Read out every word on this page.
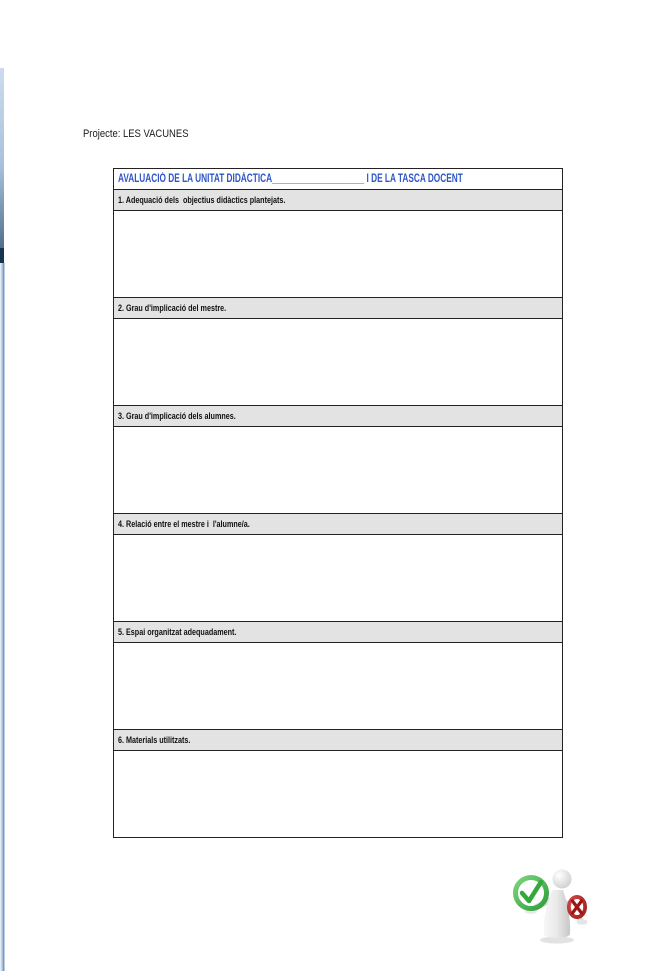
Projecte: LES VACUNES
AVALUACIÓ DE LA UNITAT DIDÀCTICA____________________ I DE LA TASCA DOCENT
1. Adequació dels  objectius didàctics plantejats.
2. Grau d'implicació del mestre.
3. Grau d'implicació dels alumnes.
4. Relació entre el mestre i  l'alumne/a.
5. Espai organitzat adequadament.
6. Materials utilitzats.
